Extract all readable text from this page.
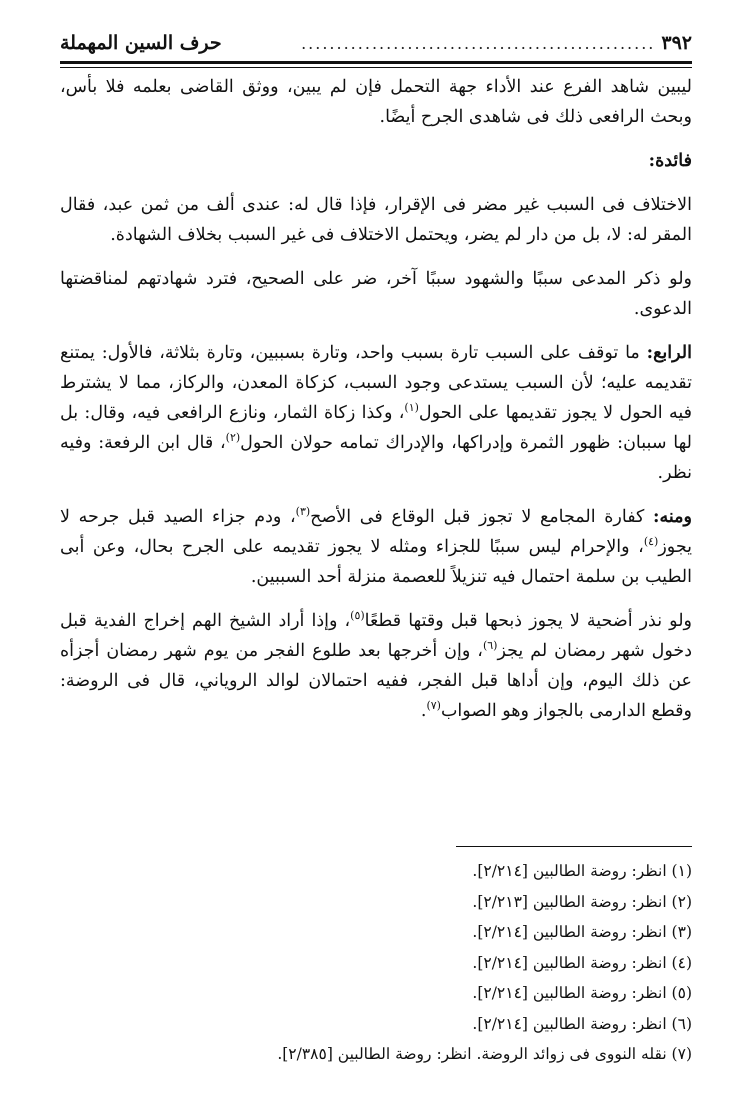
٣٩٢
..................................................
حرف السين المهملة

ليبين شاهد الفرع عند الأداء جهة التحمل فإن لم يبين، ووثق القاضى بعلمه فلا بأس، وبحث الرافعى ذلك فى شاهدى الجرح أيضًا.

فائدة:

الاختلاف فى السبب غير مضر فى الإقرار، فإذا قال له: عندى ألف من ثمن عبد، فقال المقر له: لا، بل من دار لم يضر، ويحتمل الاختلاف فى غير السبب بخلاف الشهادة.

ولو ذكر المدعى سببًا والشهود سببًا آخر، ضر على الصحيح، فترد شهادتهم لمناقضتها الدعوى.

الرابع: ما توقف على السبب تارة بسبب واحد، وتارة بسببين، وتارة بثلاثة، فالأول: يمتنع تقديمه عليه؛ لأن السبب يستدعى وجود السبب، كزكاة المعدن، والركاز، مما لا يشترط فيه الحول لا يجوز تقديمها على الحول$^{(١)}$، وكذا زكاة الثمار، ونازع الرافعى فيه، وقال: بل لها سببان: ظهور الثمرة وإدراكها، والإدراك تمامه حولان الحول$^{(٢)}$، قال ابن الرفعة: وفيه نظر.

ومنه: كفارة المجامع لا تجوز قبل الوقاع فى الأصح$^{(٣)}$، ودم جزاء الصيد قبل جرحه لا يجوز$^{(٤)}$، والإحرام ليس سببًا للجزاء ومثله لا يجوز تقديمه على الجرح بحال، وعن أبى الطيب بن سلمة احتمال فيه تنزيلاً للعصمة منزلة أحد السببين.

ولو نذر أضحية لا يجوز ذبحها قبل وقتها قطعًا$^{(٥)}$، وإذا أراد الشيخ الهم إخراج الفدية قبل دخول شهر رمضان لم يجز$^{(٦)}$، وإن أخرجها بعد طلوع الفجر من يوم شهر رمضان أجزأه عن ذلك اليوم، وإن أداها قبل الفجر، ففيه احتمالان لوالد الروياني، قال فى الروضة: وقطع الدارمى بالجواز وهو الصواب$^{(٧)}$.

(١) انظر: روضة الطالبين [٢/٢١٤].
(٢) انظر: روضة الطالبين [٢/٢١٣].
(٣) انظر: روضة الطالبين [٢/٢١٤].
(٤) انظر: روضة الطالبين [٢/٢١٤].
(٥) انظر: روضة الطالبين [٢/٢١٤].
(٦) انظر: روضة الطالبين [٢/٢١٤].
(٧) نقله النووى فى زوائد الروضة. انظر: روضة الطالبين [٢/٣٨٥].
